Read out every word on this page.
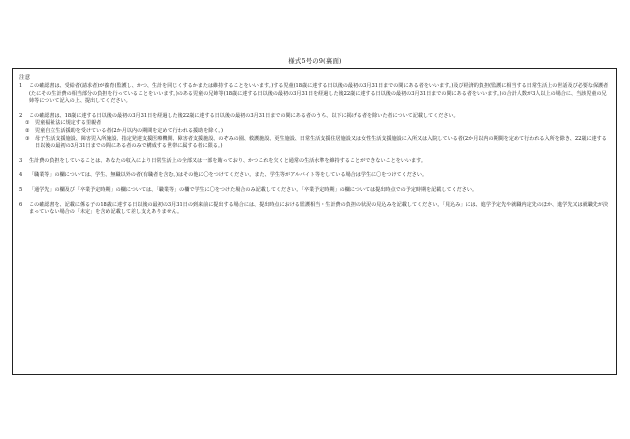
様式5号の9(裏面)
注意
1 この確認書は、受給者(請求者)が養育(監護し、かつ、生計を同じくするかまたは維持することをいいます。)する児童(18歳に達する日以後の最初の3月31日までの間にある者をいいます。)及び経済的負担(監護に相当する日常生活上の世話及び必要な保護者(たにその生計費の相当部分の負担を行っていることをいいます。)のある児童の兄姉等(18歳に達する日以後の最初の3月31日を経過した後22歳に達する日以後の最初の3月31日までの間にある者をいいます。)の合計人数が3人以上の場合に、当該児童の兄姉等について記入の上、提出してください。
2 この確認書は、18歳に達する日以後の最初の3月31日を経過した後22歳に達する日以後の最初の3月31日までの間にある者のうち、以下に掲げる者を除いた者について記載してください。
① 児童福祉法に規定する里親者
② 児童自立生活援助を受けている者(2か月以内の期間を定めて行われる援助を除く。)
③ 母子生活支援施設、障害児入所施設、指定発達支援医療機関、障害者支援施設、のぞみの園、救護施設、更生施設、日常生活支援住居施設又は女性生活支援施設に入所又は入院している者(2か月以内の期間を定めて行われる入所を除き、22歳に達する日以後の最初の3月31日までの間にある者のみで構成する世帯に属する者に限る。)
3 生計費の負担をしていることは、あなたの収入により日常生活上の全部又は一部を賄っており、かつこれを欠くと通常の生活水準を維持することができないことをいいます。
4 「職業等」の欄については、学生、無職以外の者(有職者を含む。)はその他に〇をつけてください。また、学生等がアルバイト等をしている場合は学生に〇をつけてください。
5 「通学先」の欄及び「卒業予定時期」の欄については、「職業等」の欄で学生に〇をつけた場合のみ記載してください。「卒業予定時期」の欄については提出時点での予定時期を記載してください。
6 この確認書を、記載に係る子の18歳に達する日以後の最初の3月31日の到来前に提出する場合には、提出時点における監護相当・生計費の負担の状況の見込みを記載してください。「見込み」には、進学予定先や就職内定先のほか、進学先又は就職先が決まっていない場合の「未定」を含め記載して差し支えありません。
